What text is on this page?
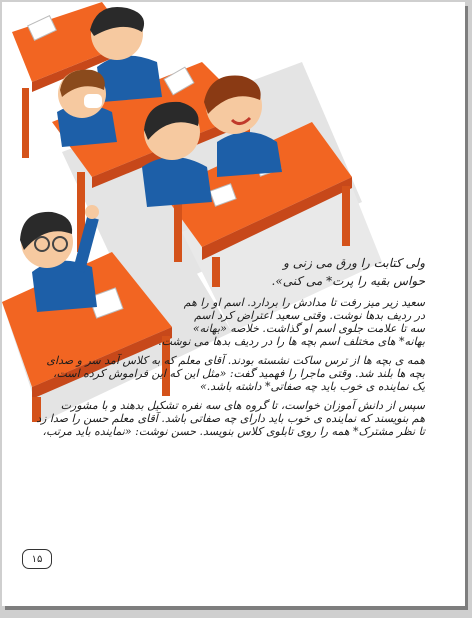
ولی کتابت را ورق می زنی و

حواس بقیه را پرت* می کنی».

سعید زیر میز رفت تا مدادش را بردارد. اسم او را هم

در ردیف بدها نوشت. وقتی سعید اعتراض کرد اسم

سه تا علامت جلوی اسم او گذاشت. خلاصه «بهانه»

بهانه* های مختلف اسم بچه ها را در ردیف بدها می نوشت.

همه ی بچه ها از ترس ساکت نشسته بودند. آقای معلم که به کلاس آمد سر و صدای

بچه ها بلند شد. وقتی ماجرا را فهمید گفت: «مثل این که این فراموش کرده است،

یک نماینده ی خوب باید چه صفاتی* داشته باشد.»

سپس از دانش آموزان خواست، تا گروه های سه نفره تشکیل بدهند و با مشورت

هم بنویسند که نماینده ی خوب باید دارای چه صفاتی باشد. آقای معلم حسن را صدا زد

تا نظر مشترک* همه را روی تابلوی کلاس بنویسد. حسن نوشت: «نماینده باید مرتب،

۱۵
